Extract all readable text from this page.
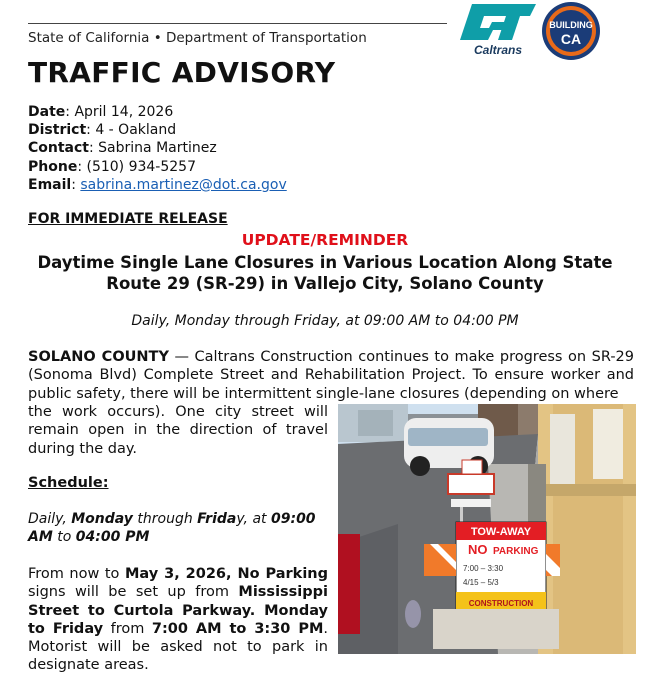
State of California • Department of Transportation
Caltrans
BUILDING
CA
TRAFFIC ADVISORY
Date: April 14, 2026
District: 4 - Oakland
Contact: Sabrina Martinez
Phone: (510) 934-5257
Email: sabrina.martinez@dot.ca.gov
FOR IMMEDIATE RELEASE
UPDATE/REMINDER
Daytime Single Lane Closures in Various Location Along State Route 29 (SR-29) in Vallejo City, Solano County
Daily, Monday through Friday, at 09:00 AM to 04:00 PM
SOLANO COUNTY — Caltrans Construction continues to make progress on SR-29 (Sonoma Blvd) Complete Street and Rehabilitation Project. To ensure worker and public safety, there will be intermittent single-lane closures (depending on where
the work occurs). One city street will remain open in the direction of travel during the day.
Schedule:
Daily, Monday through Friday, at 09:00 AM to 04:00 PM
From now to May 3, 2026, No Parking signs will be set up from Mississippi Street to Curtola Parkway. Monday to Friday from 7:00 AM to 3:30 PM. Motorist will be asked not to park in designate areas.
TOW-AWAY
NO PARKING
7:00 – 3:30
4/15 – 5/3
CONSTRUCTION
